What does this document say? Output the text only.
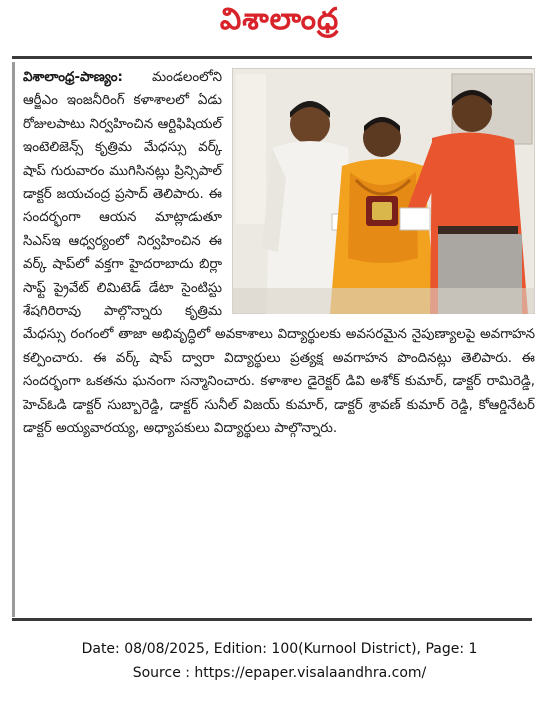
విశాలాంధ్ర

విశాలాంధ్ర-పాణ్యం: మండలంలోని ఆర్జీఎం ఇంజనీరింగ్ కళాశాలలో ఏడు రోజులపాటు నిర్వహించిన ఆర్టిఫిషియల్ ఇంటెలిజెన్స్ కృత్రిమ మేధస్సు వర్క్ షాప్ గురువారం ముగిసినట్లు ప్రిన్సిపాల్ డాక్టర్ జయచంద్ర ప్రసాద్ తెలిపారు. ఈ సందర్భంగా ఆయన మాట్లాడుతూ సిఎస్ఇ ఆధ్వర్యంలో నిర్వహించిన ఈ వర్క్ షాప్‌లో వక్తగా హైదరాబాదు బిర్లా సాఫ్ట్ ప్రైవేట్ లిమిటెడ్ డేటా సైంటిస్టు శేషగిరిరావు పాల్గొన్నారు కృత్రిమ మేధస్సు రంగంలో తాజా అభివృద్ధిలో అవకాశాలు విద్యార్థులకు అవసరమైన నైపుణ్యాలపై అవగాహన కల్పించారు. ఈ వర్క్ షాప్ ద్వారా విద్యార్థులు ప్రత్యక్ష అవగాహన పొందినట్లు తెలిపారు. ఈ సందర్భంగా ఒకతను ఘనంగా సన్మానించారు. కళాశాల డైరెక్టర్ డివి అశోక్ కుమార్, డాక్టర్ రామిరెడ్డి, హెచ్ఓడి డాక్టర్ సుబ్బారెడ్డి, డాక్టర్ సునీల్ విజయ్ కుమార్, డాక్టర్ శ్రావణ్ కుమార్ రెడ్డి, కోఆర్డినేటర్ డాక్టర్ అయ్యవారయ్య, అధ్యాపకులు విద్యార్థులు పాల్గొన్నారు.

Date: 08/08/2025, Edition: 100(Kurnool District), Page: 1
Source : https://epaper.visalaandhra.com/
